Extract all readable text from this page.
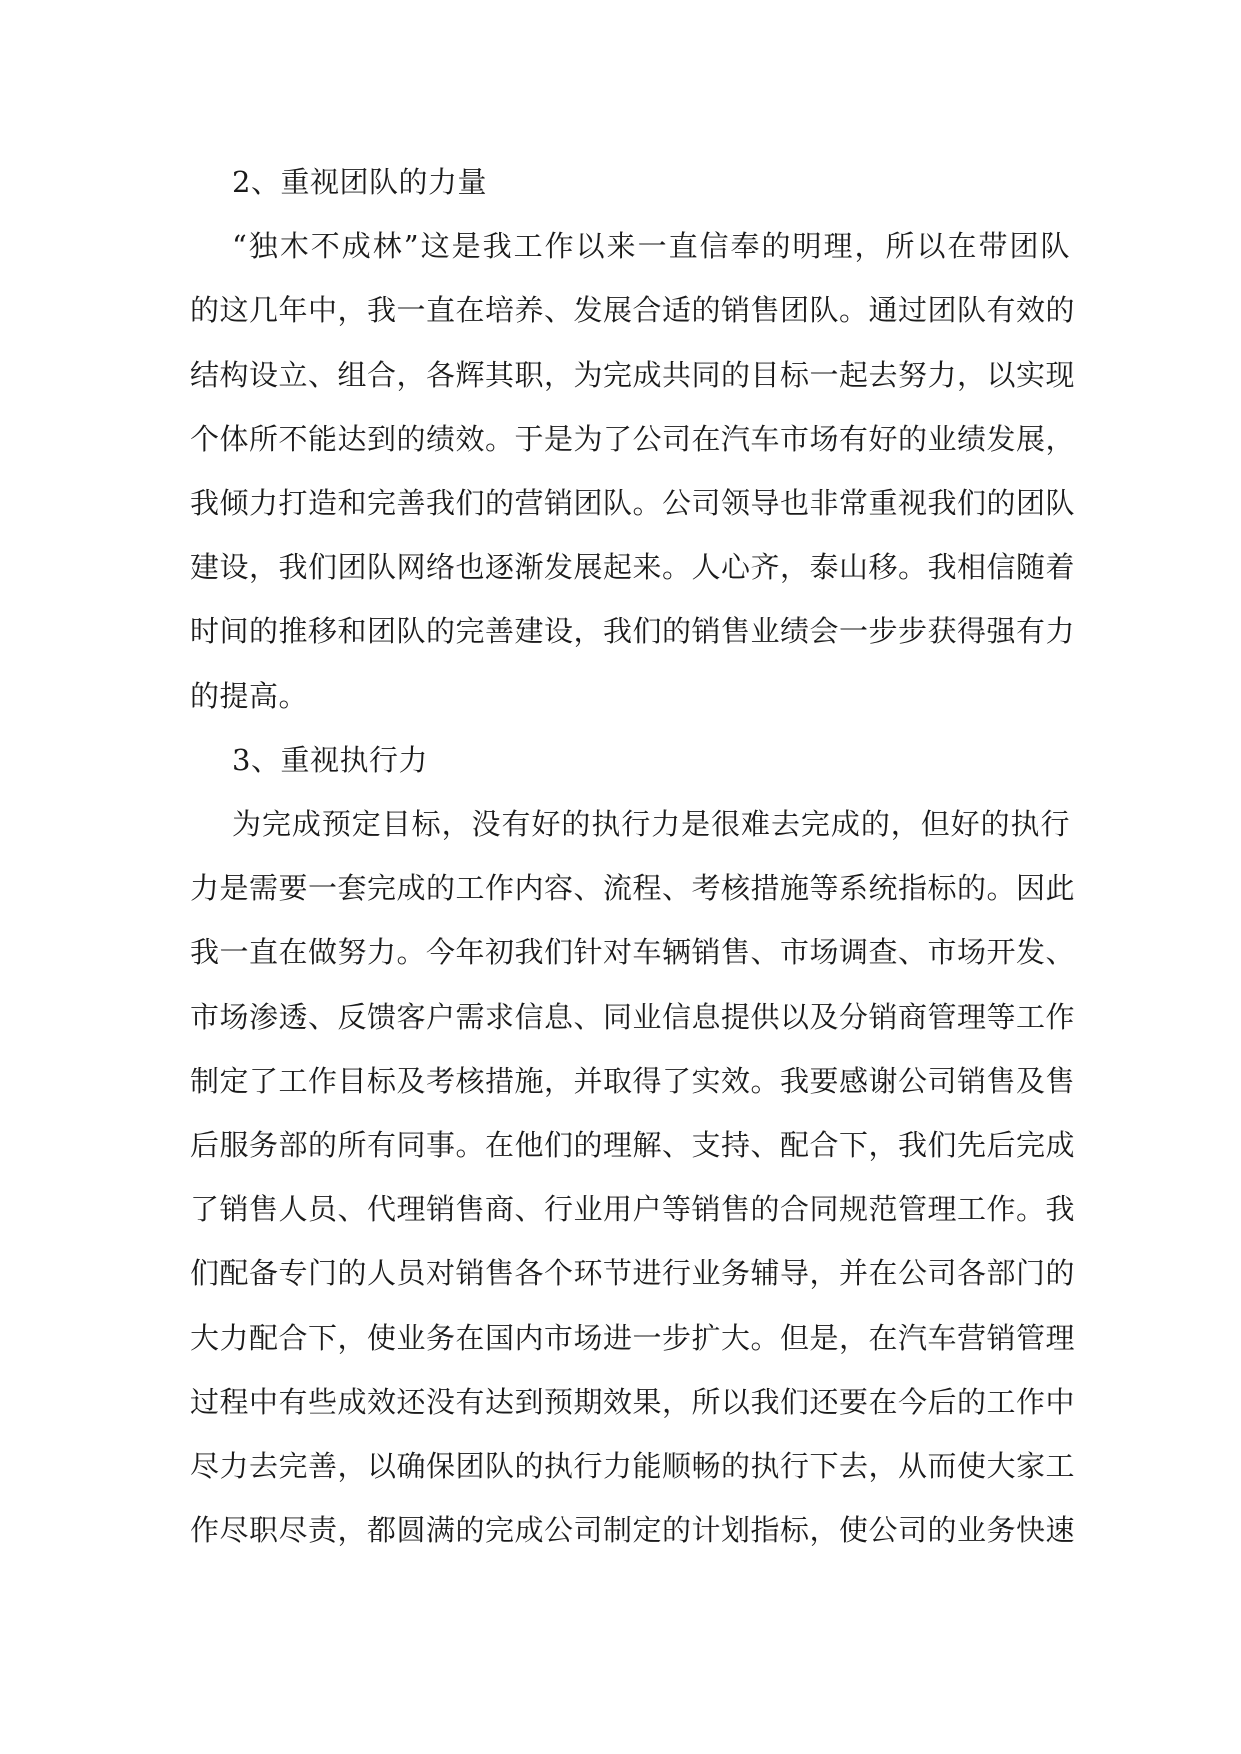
2、重视团队的力量

“独木不成林”这是我工作以来一直信奉的明理，所以在带团队
的这几年中，我一直在培养、发展合适的销售团队。通过团队有效的
结构设立、组合，各辉其职，为完成共同的目标一起去努力，以实现
个体所不能达到的绩效。于是为了公司在汽车市场有好的业绩发展，
我倾力打造和完善我们的营销团队。公司领导也非常重视我们的团队
建设，我们团队网络也逐渐发展起来。人心齐，泰山移。我相信随着
时间的推移和团队的完善建设，我们的销售业绩会一步步获得强有力
的提高。

3、重视执行力

为完成预定目标，没有好的执行力是很难去完成的，但好的执行
力是需要一套完成的工作内容、流程、考核措施等系统指标的。因此
我一直在做努力。今年初我们针对车辆销售、市场调查、市场开发、
市场渗透、反馈客户需求信息、同业信息提供以及分销商管理等工作
制定了工作目标及考核措施，并取得了实效。我要感谢公司销售及售
后服务部的所有同事。在他们的理解、支持、配合下，我们先后完成
了销售人员、代理销售商、行业用户等销售的合同规范管理工作。我
们配备专门的人员对销售各个环节进行业务辅导，并在公司各部门的
大力配合下，使业务在国内市场进一步扩大。但是，在汽车营销管理
过程中有些成效还没有达到预期效果，所以我们还要在今后的工作中
尽力去完善，以确保团队的执行力能顺畅的执行下去，从而使大家工
作尽职尽责，都圆满的完成公司制定的计划指标，使公司的业务快速
